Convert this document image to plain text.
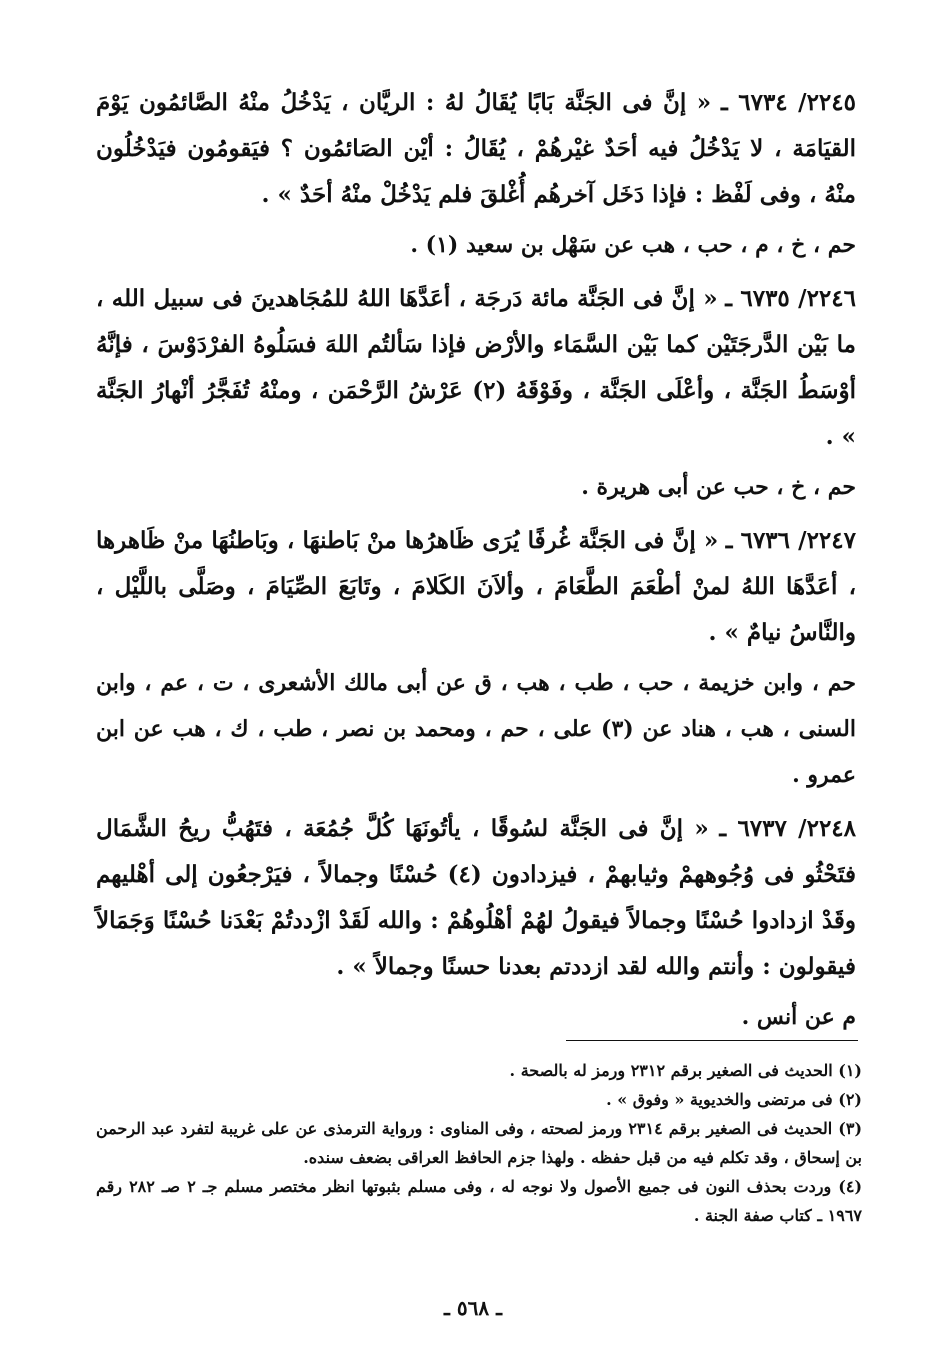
٢٢٤٥/ ٦٧٣٤ ـ « إنَّ فى الجَنَّة بَابًا يُقَالُ لهُ : الريَّان ، يَدْخُلُ منْهُ الصَّائمُون يَوْمَ القيَامَة ، لا يَدْخُلُ فيه أحَدٌ غيْرهُمْ ، يُقَالُ : أيْن الصَائمُون ؟ فيَقومُون فيَدْخُلُون منْهُ ، وفى لَفْظ : فإذا دَخَل آخرهُم أُغْلقَ فلم يَدْخُلْ منْهُ أحَدٌ » .

حم ، خ ، م ، حب ، هب عن سَهْل بن سعيد (١) .

٢٢٤٦/ ٦٧٣٥ ـ « إنَّ فى الجَنَّة مائة دَرجَة ، أعَدَّهَا اللهُ للمُجَاهدينَ فى سبيل الله ، ما بَيْن الدَّرجَتَيْن كما بَيْن السَّمَاء والأرْض فإذا سَألتُم اللهَ فسَلُوهُ الفرْدَوْسَ ، فإنَّهُ أوْسَطُ الجَنَّة ، وأعْلَى الجَنَّة ، وفَوْقَهُ (٢) عَرْشُ الرَّحْمَن ، ومنْهُ تُفَجَّرُ أنْهارُ الجَنَّة » .

حم ، خ ، حب عن أبى هريرة .

٢٢٤٧/ ٦٧٣٦ ـ « إنَّ فى الجَنَّة غُرفًا يُرَى ظَاهرُها منْ بَاطنهَا ، وبَاطنُهَا منْ ظَاهرها ، أعَدَّهَا اللهُ لمنْ أطْعَمَ الطَّعَامَ ، وألاَنَ الكَلامَ ، وتَابَعَ الصِّيَامَ ، وصَلَّى باللَّيْل ، والنَّاسُ نيامٌ » .

حم ، وابن خزيمة ، حب ، طب ، هب ، ق عن أبى مالك الأشعرى ، ت ، عم ، وابن السنى ، هب ، هناد عن (٣) على ، حم ، ومحمد بن نصر ، طب ، ك ، هب عن ابن عمرو .

٢٢٤٨/ ٦٧٣٧ ـ « إنَّ فى الجَنَّة لسُوقًا ، يأتُونَهَا كُلَّ جُمُعَة ، فتَهُبُّ ريحُ الشَّمَال فتَحْثُو فى وُجُوههمْ وثيابهمْ ، فيزدادون (٤) حُسْنًا وجمالاً ، فيَرْجعُون إلى أهْليهم وقَدْ ازدادوا حُسْنًا وجمالاً فيقولُ لهُمْ أهْلُوهُمْ : والله لَقَدْ ازْددتُمْ بَعْدَنا حُسْنًا وَجَمَالاً فيقولون : وأنتم والله لقد ازددتم بعدنا حسنًا وجمالاً » .

م عن أنس .

(١) الحديث فى الصغير برقم ٢٣١٢ ورمز له بالصحة .

(٢) فى مرتضى والخديوية « وفوق » .

(٣) الحديث فى الصغير برقم ٢٣١٤ ورمز لصحته ، وفى المناوى : ورواية الترمذى عن على غريبة لتفرد عبد الرحمن بن إسحاق ، وقد تكلم فيه من قبل حفظه . ولهذا جزم الحافظ العراقى بضعف سنده.

(٤) وردت بحذف النون فى جميع الأصول ولا نوجه له ، وفى مسلم بثبوتها انظر مختصر مسلم جـ ٢ صـ ٢٨٢ رقم ١٩٦٧ ـ كتاب صفة الجنة .

ـ ٥٦٨ ـ
